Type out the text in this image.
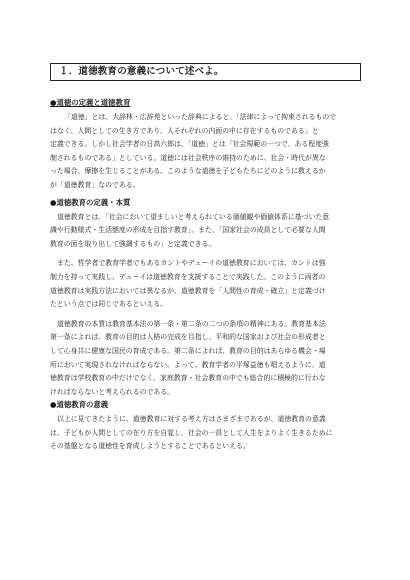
１．道徳教育の意義について述べよ。
●道徳の定義と道徳教育

「道徳」とは、大辞林・広辞苑といった辞典によると、「法律によって拘束されるもので
はなく、人間としての生き方であり、人それぞれの内面の中に存在するものである」と
定義できる。しかし社会学者の日高六郎は、「道徳」とは「社会規範の一つで、ある程度強
制されるものである」としている。道徳には社会秩序の維持のために、社会・時代が異な
った場合、摩擦を生じることがある。このような道徳を子どもたちにどのように教えるか
が「道徳教育」なのである。

●道徳教育の定義・本質

道徳教育とは、「社会において望ましいと考えられている価値観や価値体系に基づいた意
識や行動様式・生活態度の形成を目指す教育」、また、「国家社会の成員として必要な人間
教育の面を取り出して強調するもの」と定義できる。

また、哲学者で教育学者でもあるカントやデューイの道徳教育においては、カントは強
制力を持って実践し、デューイは道徳教育を支援することで実践した。このように両者の
道徳教育は実践方法においては異なるが、道徳教育を「人間性の育成・確立」と定義づけ
たという点では同じであるといえる。

道徳教育の本質は教育基本法の第一条・第二条の二つの条項の精神にある。教育基本法
第一条によれば、教育の目的は人格の完成を目指し、平和的な国家および社会の形成者と
して心身共に健康な国民の育成である。第二条によれば、教育の目的はあらゆる機会・場
所において実現されなければならない。よって、教育学者の平塚益徳も唱えるように、道
徳教育は学校教育の中だけでなく、家庭教育・社会教育の中でも総合的に積極的に行わな
ければならないと考えられるのである。

●道徳教育の意義

以上に見てきたように、道徳教育に対する考え方はさまざまであるが、道徳教育の意義
は、子どもが人間としての在り方を自覚し、社会の一員として人生をよりよく生きるために
その基盤となる道徳性を育成しようとすることであるといえる。
